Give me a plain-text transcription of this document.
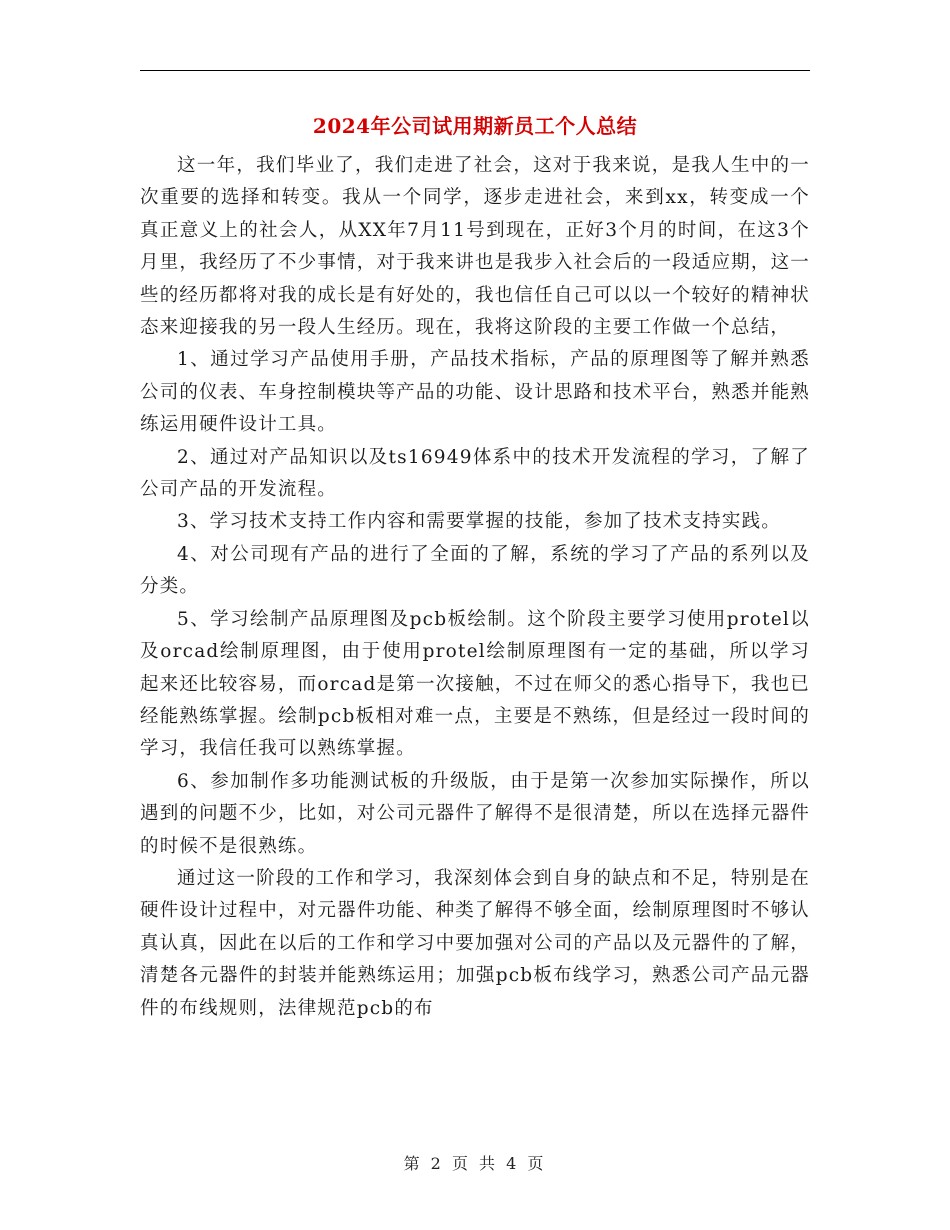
2024年公司试用期新员工个人总结

这一年，我们毕业了，我们走进了社会，这对于我来说，是我人生中的一次重要的选择和转变。我从一个同学，逐步走进社会，来到xx，转变成一个真正意义上的社会人，从XX年7月11号到现在，正好3个月的时间，在这3个月里，我经历了不少事情，对于我来讲也是我步入社会后的一段适应期，这一些的经历都将对我的成长是有好处的，我也信任自己可以以一个较好的精神状态来迎接我的另一段人生经历。现在，我将这阶段的主要工作做一个总结，

1、通过学习产品使用手册，产品技术指标，产品的原理图等了解并熟悉公司的仪表、车身控制模块等产品的功能、设计思路和技术平台，熟悉并能熟练运用硬件设计工具。

2、通过对产品知识以及ts16949体系中的技术开发流程的学习，了解了公司产品的开发流程。

3、学习技术支持工作内容和需要掌握的技能，参加了技术支持实践。

4、对公司现有产品的进行了全面的了解，系统的学习了产品的系列以及分类。

5、学习绘制产品原理图及pcb板绘制。这个阶段主要学习使用protel以及orcad绘制原理图，由于使用protel绘制原理图有一定的基础，所以学习起来还比较容易，而orcad是第一次接触，不过在师父的悉心指导下，我也已经能熟练掌握。绘制pcb板相对难一点，主要是不熟练，但是经过一段时间的学习，我信任我可以熟练掌握。

6、参加制作多功能测试板的升级版，由于是第一次参加实际操作，所以遇到的问题不少，比如，对公司元器件了解得不是很清楚，所以在选择元器件的时候不是很熟练。

通过这一阶段的工作和学习，我深刻体会到自身的缺点和不足，特别是在硬件设计过程中，对元器件功能、种类了解得不够全面，绘制原理图时不够认真认真，因此在以后的工作和学习中要加强对公司的产品以及元器件的了解，清楚各元器件的封装并能熟练运用；加强pcb板布线学习，熟悉公司产品元器件的布线规则，法律规范pcb的布

第 2 页 共 4 页
